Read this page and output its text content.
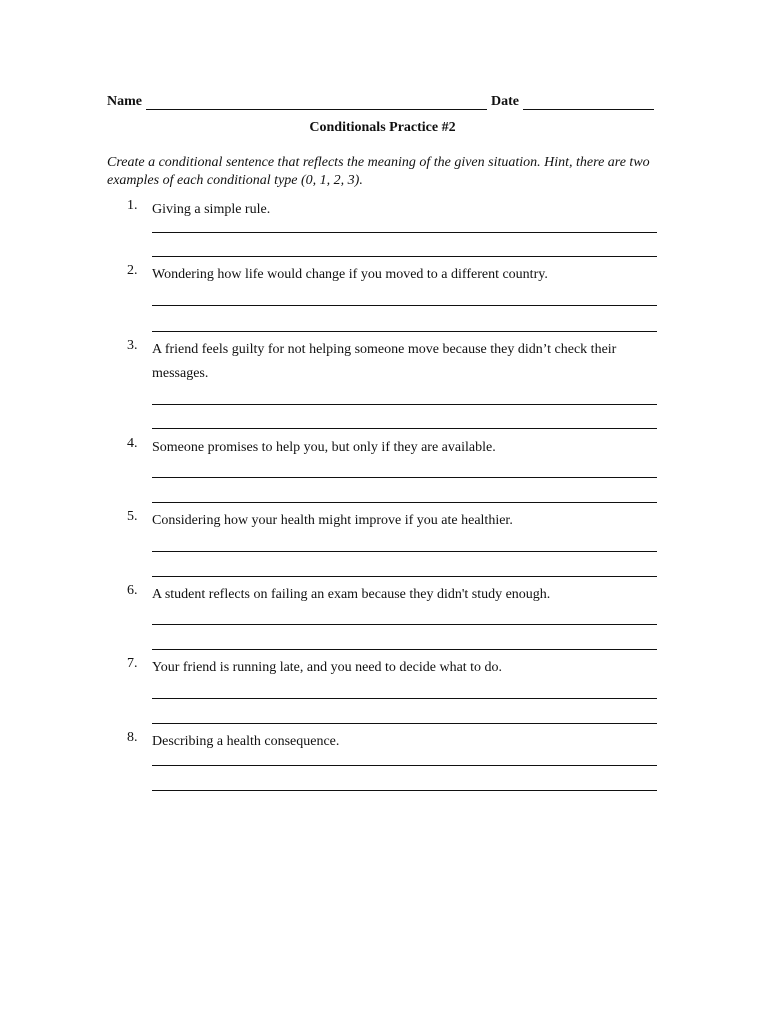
Name	Date
Conditionals Practice #2
Create a conditional sentence that reflects the meaning of the given situation. Hint, there are two examples of each conditional type (0, 1, 2, 3).
1. Giving a simple rule.
2. Wondering how life would change if you moved to a different country.
3. A friend feels guilty for not helping someone move because they didn’t check their messages.
4. Someone promises to help you, but only if they are available.
5. Considering how your health might improve if you ate healthier.
6. A student reflects on failing an exam because they didn't study enough.
7. Your friend is running late, and you need to decide what to do.
8. Describing a health consequence.
